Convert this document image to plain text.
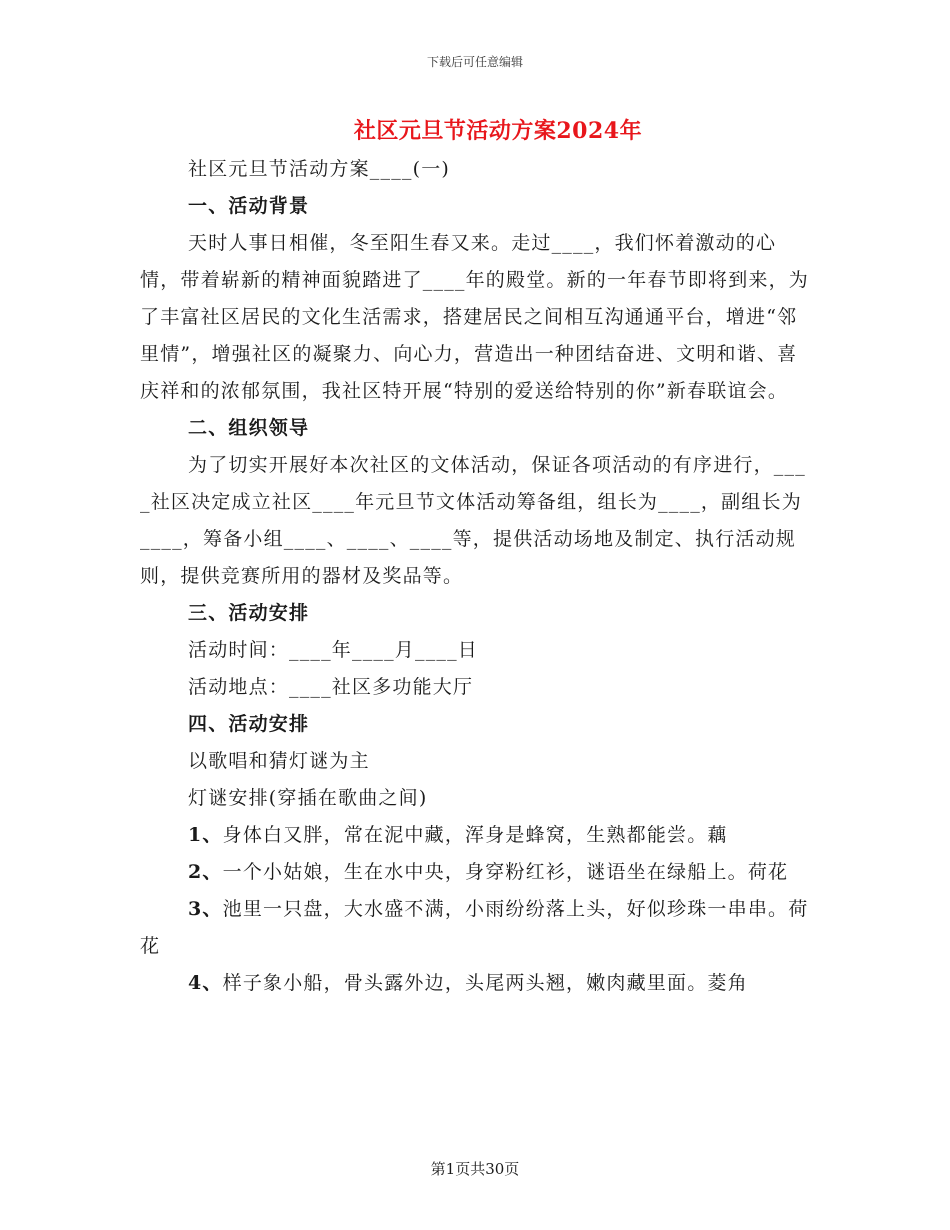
下载后可任意编辑
社区元旦节活动方案2024年

社区元旦节活动方案____(一)

一、活动背景

天时人事日相催，冬至阳生春又来。走过____，我们怀着激动的心情，带着崭新的精神面貌踏进了____年的殿堂。新的一年春节即将到来，为了丰富社区居民的文化生活需求，搭建居民之间相互沟通通平台，增进“邻里情”，增强社区的凝聚力、向心力，营造出一种团结奋进、文明和谐、喜庆祥和的浓郁氛围，我社区特开展“特别的爱送给特别的你”新春联谊会。

二、组织领导

为了切实开展好本次社区的文体活动，保证各项活动的有序进行，____社区决定成立社区____年元旦节文体活动筹备组，组长为____，副组长为____，筹备小组____、____、____等，提供活动场地及制定、执行活动规则，提供竞赛所用的器材及奖品等。

三、活动安排

活动时间：____年____月____日

活动地点：____社区多功能大厅

四、活动安排

以歌唱和猜灯谜为主

灯谜安排(穿插在歌曲之间)

1、身体白又胖，常在泥中藏，浑身是蜂窝，生熟都能尝。藕

2、一个小姑娘，生在水中央，身穿粉红衫，谜语坐在绿船上。荷花

3、池里一只盘，大水盛不满，小雨纷纷落上头，好似珍珠一串串。荷花

4、样子象小船，骨头露外边，头尾两头翘，嫩肉藏里面。菱角

第1页共30页
